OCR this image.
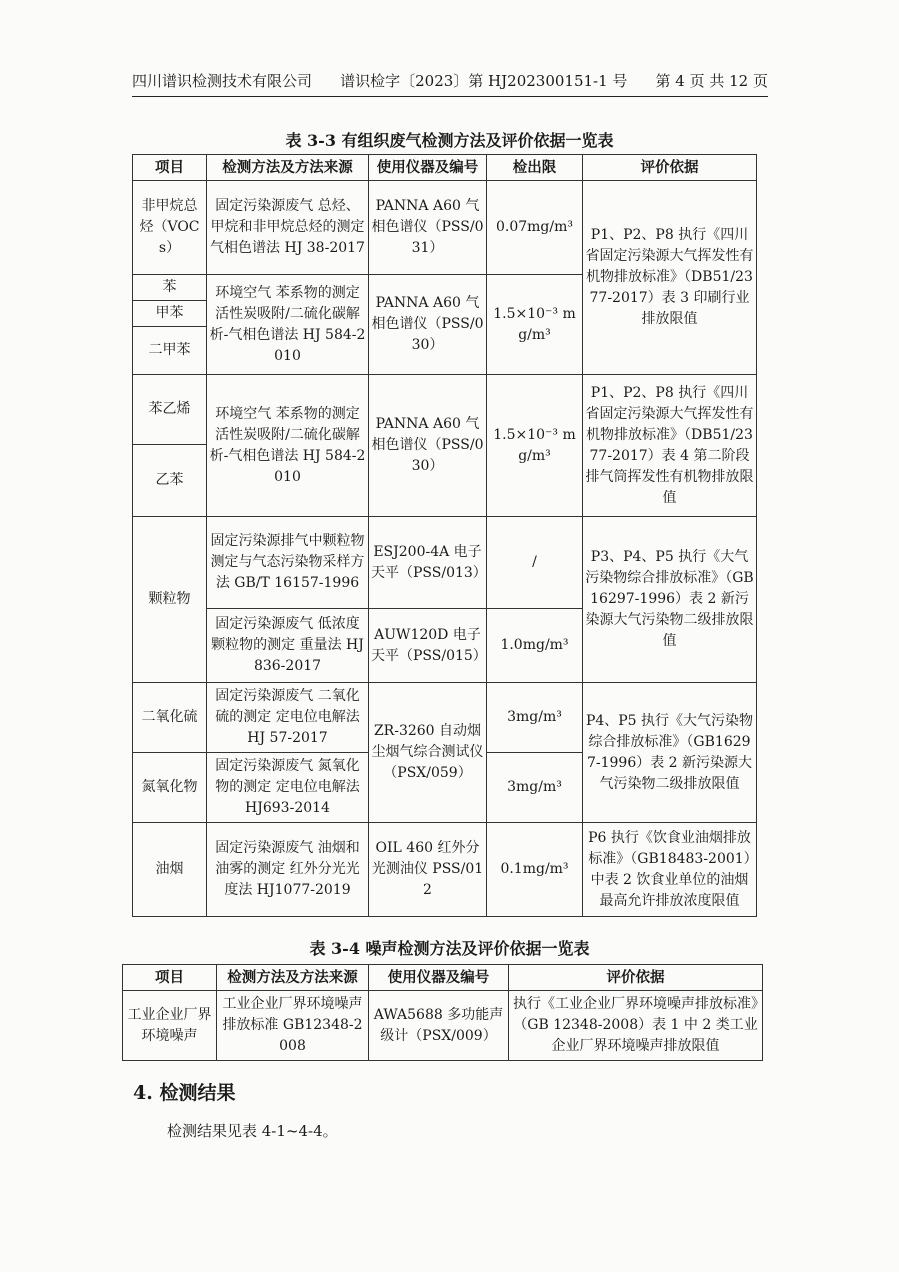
四川谱识检测技术有限公司 谱识检字〔2023〕第 HJ202300151-1 号 第 4 页 共 12 页
表 3-3 有组织废气检测方法及评价依据一览表
项目	检测方法及方法来源	使用仪器及编号	检出限	评价依据
非甲烷总烃（VOCs）	固定污染源废气 总烃、甲烷和非甲烷总烃的测定 气相色谱法 HJ 38-2017	PANNA A60 气相色谱仪（PSS/031）	0.07mg/m³	P1、P2、P8 执行《四川省固定污染源大气挥发性有机物排放标准》（DB51/2377-2017）表 3 印刷行业排放限值
苯	环境空气 苯系物的测定 活性炭吸附/二硫化碳解析-气相色谱法 HJ 584-2010	PANNA A60 气相色谱仪（PSS/030）	1.5×10⁻³ mg/m³	
甲苯				
二甲苯				
苯乙烯	环境空气 苯系物的测定 活性炭吸附/二硫化碳解析-气相色谱法 HJ 584-2010	PANNA A60 气相色谱仪（PSS/030）	1.5×10⁻³ mg/m³	P1、P2、P8 执行《四川省固定污染源大气挥发性有机物排放标准》（DB51/2377-2017）表 4 第二阶段排气筒挥发性有机物排放限值
乙苯				
颗粒物	固定污染源排气中颗粒物测定与气态污染物采样方法 GB/T 16157-1996	ESJ200-4A 电子天平（PSS/013）	/	P3、P4、P5 执行《大气污染物综合排放标准》（GB16297-1996）表 2 新污染源大气污染物二级排放限值
	固定污染源废气 低浓度颗粒物的测定 重量法 HJ 836-2017	AUW120D 电子天平（PSS/015）	1.0mg/m³	
二氧化硫	固定污染源废气 二氧化硫的测定 定电位电解法 HJ 57-2017	ZR-3260 自动烟尘烟气综合测试仪（PSX/059）	3mg/m³	P4、P5 执行《大气污染物综合排放标准》（GB16297-1996）表 2 新污染源大气污染物二级排放限值
氮氧化物	固定污染源废气 氮氧化物的测定 定电位电解法 HJ693-2014		3mg/m³	
油烟	固定污染源废气 油烟和油雾的测定 红外分光光度法 HJ1077-2019	OIL 460 红外分光测油仪 PSS/012	0.1mg/m³	P6 执行《饮食业油烟排放标准》（GB18483-2001）中表 2 饮食业单位的油烟最高允许排放浓度限值
表 3-4 噪声检测方法及评价依据一览表
项目	检测方法及方法来源	使用仪器及编号	评价依据
工业企业厂界环境噪声	工业企业厂界环境噪声排放标准 GB12348-2008	AWA5688 多功能声级计（PSX/009）	执行《工业企业厂界环境噪声排放标准》（GB 12348-2008）表 1 中 2 类工业企业厂界环境噪声排放限值
4. 检测结果
检测结果见表 4-1~4-4。
